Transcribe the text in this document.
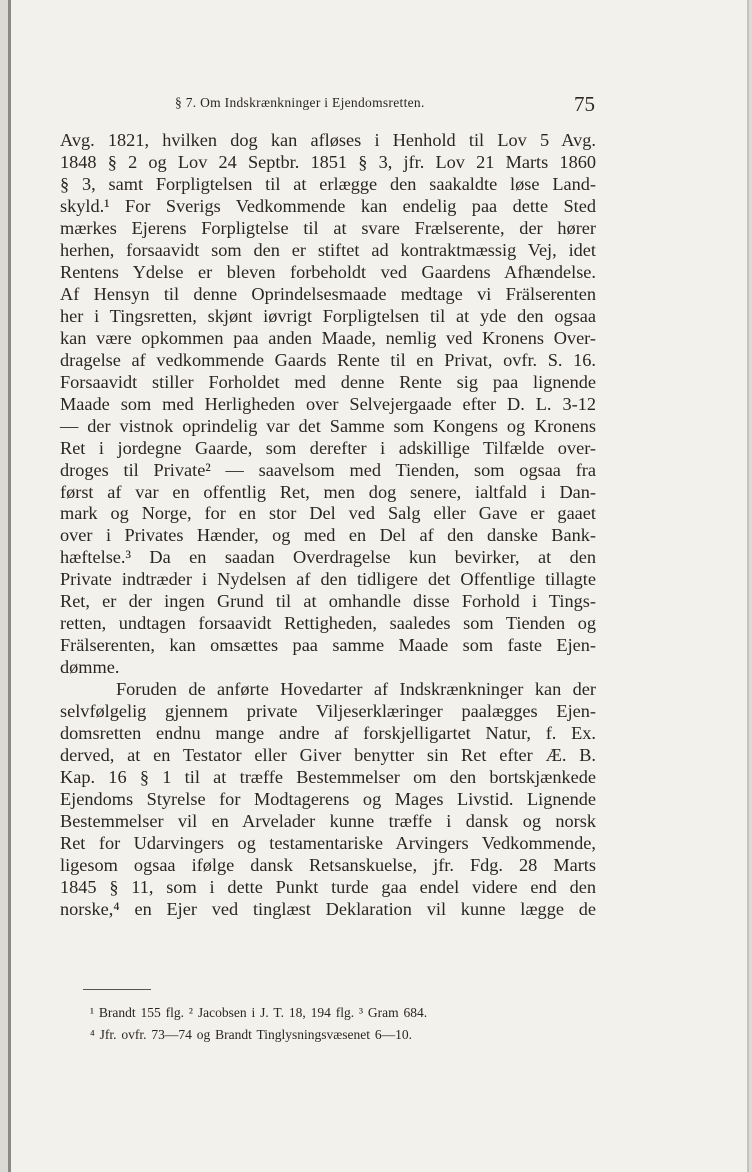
§ 7. Om Indskrænkninger i Ejendomsretten.	75
Avg. 1821, hvilken dog kan afløses i Henhold til Lov 5 Avg.
1848 § 2 og Lov 24 Septbr. 1851 § 3, jfr. Lov 21 Marts 1860
§ 3, samt Forpligtelsen til at erlægge den saakaldte løse Land-
skyld.¹ For Sverigs Vedkommende kan endelig paa dette Sted
mærkes Ejerens Forpligtelse til at svare Frælserente, der hører
herhen, forsaavidt som den er stiftet ad kontraktmæssig Vej, idet
Rentens Ydelse er bleven forbeholdt ved Gaardens Afhændelse.
Af Hensyn til denne Oprindelsesmaade medtage vi Frälserenten
her i Tingsretten, skjønt iøvrigt Forpligtelsen til at yde den ogsaa
kan være opkommen paa anden Maade, nemlig ved Kronens Over-
dragelse af vedkommende Gaards Rente til en Privat, ovfr. S. 16.
Forsaavidt stiller Forholdet med denne Rente sig paa lignende
Maade som med Herligheden over Selvejergaade efter D. L. 3-12
— der vistnok oprindelig var det Samme som Kongens og Kronens
Ret i jordegne Gaarde, som derefter i adskillige Tilfælde over-
droges til Private² — saavelsom med Tienden, som ogsaa fra
først af var en offentlig Ret, men dog senere, ialtfald i Dan-
mark og Norge, for en stor Del ved Salg eller Gave er gaaet
over i Privates Hænder, og med en Del af den danske Bank-
hæftelse.³ Da en saadan Overdragelse kun bevirker, at den
Private indtræder i Nydelsen af den tidligere det Offentlige tillagte
Ret, er der ingen Grund til at omhandle disse Forhold i Tings-
retten, undtagen forsaavidt Rettigheden, saaledes som Tienden og
Frälserenten, kan omsættes paa samme Maade som faste Ejen-
dømme.
Foruden de anførte Hovedarter af Indskrænkninger kan der
selvfølgelig gjennem private Viljeserklæringer paalægges Ejen-
domsretten endnu mange andre af forskjelligartet Natur, f. Ex.
derved, at en Testator eller Giver benytter sin Ret efter Æ. B.
Kap. 16 § 1 til at træffe Bestemmelser om den bortskjænkede
Ejendoms Styrelse for Modtagerens og Mages Livstid. Lignende
Bestemmelser vil en Arvelader kunne træffe i dansk og norsk
Ret for Udarvingers og testamentariske Arvingers Vedkommende,
ligesom ogsaa ifølge dansk Retsanskuelse, jfr. Fdg. 28 Marts
1845 § 11, som i dette Punkt turde gaa endel videre end den
norske,⁴ en Ejer ved tinglæst Deklaration vil kunne lægge de
¹ Brandt 155 flg. ² Jacobsen i J. T. 18, 194 flg. ³ Gram 684.
⁴ Jfr. ovfr. 73—74 og Brandt Tinglysningsvæsenet 6—10.
